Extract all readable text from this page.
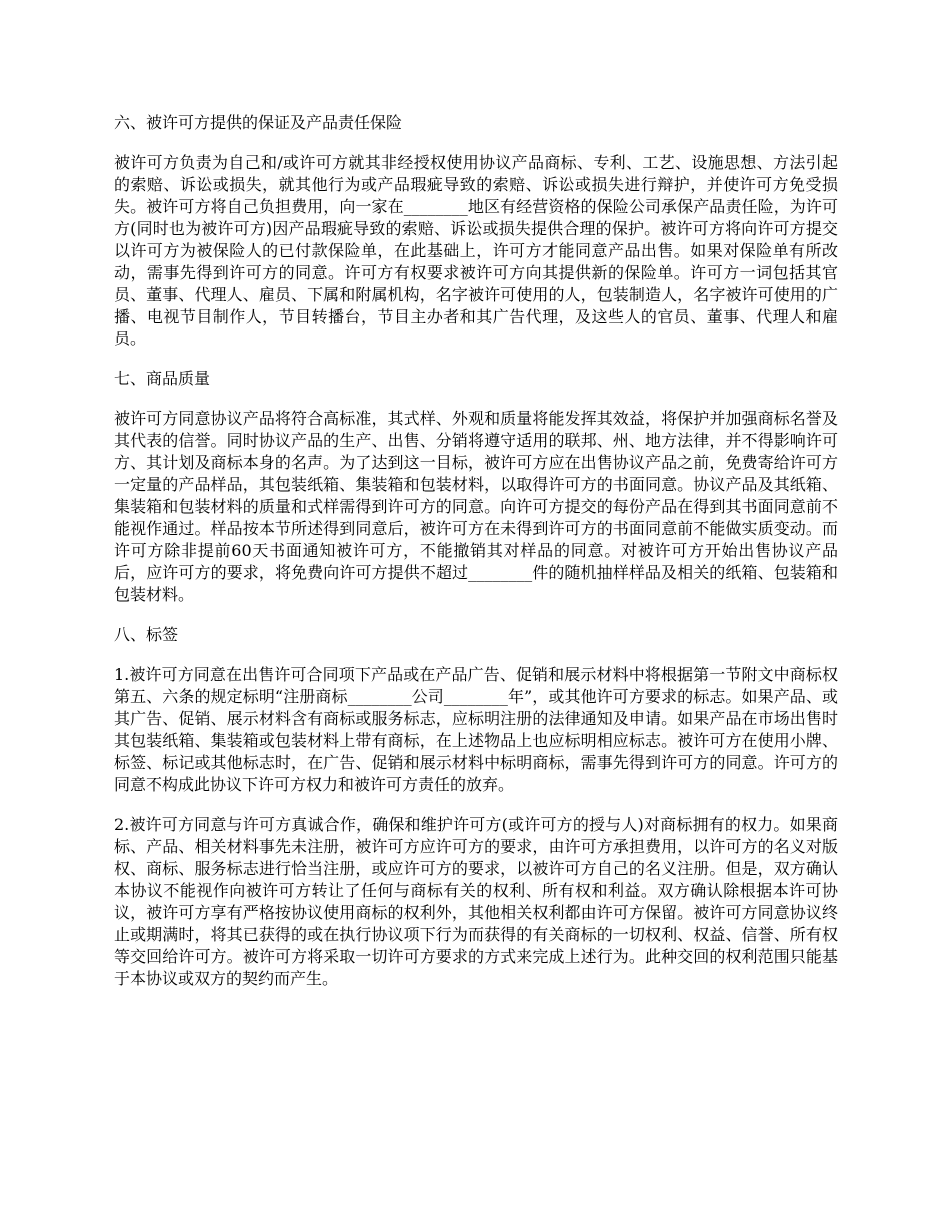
六、被许可方提供的保证及产品责任保险

被许可方负责为自己和/或许可方就其非经授权使用协议产品商标、专利、工艺、设施思想、方法引起的索赔、诉讼或损失，就其他行为或产品瑕疵导致的索赔、诉讼或损失进行辩护，并使许可方免受损失。被许可方将自己负担费用，向一家在________地区有经营资格的保险公司承保产品责任险，为许可方(同时也为被许可方)因产品瑕疵导致的索赔、诉讼或损失提供合理的保护。被许可方将向许可方提交以许可方为被保险人的已付款保险单，在此基础上，许可方才能同意产品出售。如果对保险单有所改动，需事先得到许可方的同意。许可方有权要求被许可方向其提供新的保险单。许可方一词包括其官员、董事、代理人、雇员、下属和附属机构，名字被许可使用的人，包装制造人，名字被许可使用的广播、电视节目制作人，节目转播台，节目主办者和其广告代理，及这些人的官员、董事、代理人和雇员。

七、商品质量

被许可方同意协议产品将符合高标准，其式样、外观和质量将能发挥其效益，将保护并加强商标名誉及其代表的信誉。同时协议产品的生产、出售、分销将遵守适用的联邦、州、地方法律，并不得影响许可方、其计划及商标本身的名声。为了达到这一目标，被许可方应在出售协议产品之前，免费寄给许可方一定量的产品样品，其包装纸箱、集装箱和包装材料，以取得许可方的书面同意。协议产品及其纸箱、集装箱和包装材料的质量和式样需得到许可方的同意。向许可方提交的每份产品在得到其书面同意前不能视作通过。样品按本节所述得到同意后，被许可方在未得到许可方的书面同意前不能做实质变动。而许可方除非提前60天书面通知被许可方，不能撤销其对样品的同意。对被许可方开始出售协议产品后，应许可方的要求，将免费向许可方提供不超过________件的随机抽样样品及相关的纸箱、包装箱和包装材料。

八、标签

1.被许可方同意在出售许可合同项下产品或在产品广告、促销和展示材料中将根据第一节附文中商标权第五、六条的规定标明“注册商标________公司________年”，或其他许可方要求的标志。如果产品、或其广告、促销、展示材料含有商标或服务标志，应标明注册的法律通知及申请。如果产品在市场出售时其包装纸箱、集装箱或包装材料上带有商标，在上述物品上也应标明相应标志。被许可方在使用小牌、标签、标记或其他标志时，在广告、促销和展示材料中标明商标，需事先得到许可方的同意。许可方的同意不构成此协议下许可方权力和被许可方责任的放弃。

2.被许可方同意与许可方真诚合作，确保和维护许可方(或许可方的授与人)对商标拥有的权力。如果商标、产品、相关材料事先未注册，被许可方应许可方的要求，由许可方承担费用，以许可方的名义对版权、商标、服务标志进行恰当注册，或应许可方的要求，以被许可方自己的名义注册。但是，双方确认本协议不能视作向被许可方转让了任何与商标有关的权利、所有权和利益。双方确认除根据本许可协议，被许可方享有严格按协议使用商标的权利外，其他相关权利都由许可方保留。被许可方同意协议终止或期满时，将其已获得的或在执行协议项下行为而获得的有关商标的一切权利、权益、信誉、所有权等交回给许可方。被许可方将采取一切许可方要求的方式来完成上述行为。此种交回的权利范围只能基于本协议或双方的契约而产生。
